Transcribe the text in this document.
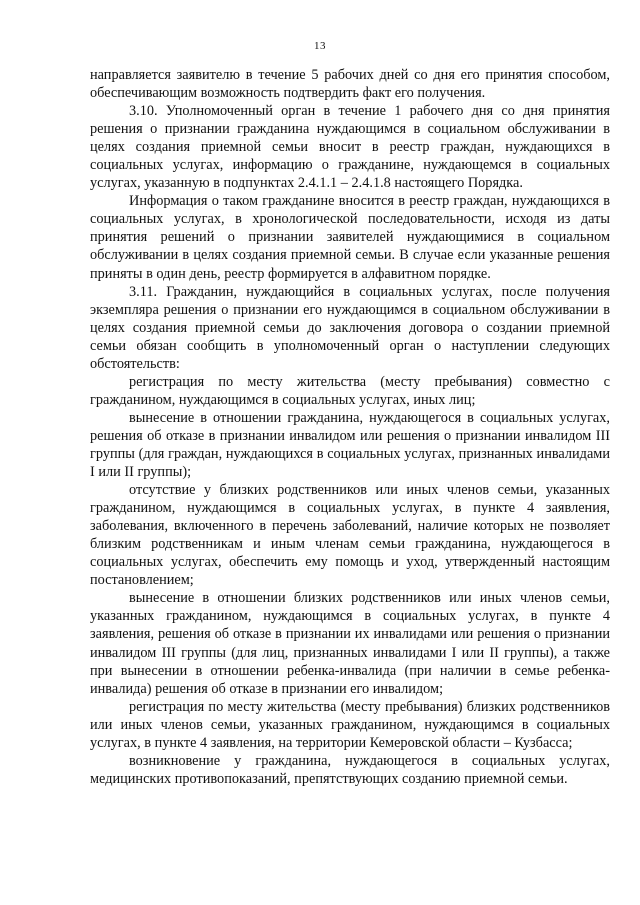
13

направляется заявителю в течение 5 рабочих дней со дня его принятия способом, обеспечивающим возможность подтвердить факт его получения.

3.10. Уполномоченный орган в течение 1 рабочего дня со дня принятия решения о признании гражданина нуждающимся в социальном обслуживании в целях создания приемной семьи вносит в реестр граждан, нуждающихся в социальных услугах, информацию о гражданине, нуждающемся в социальных услугах, указанную в подпунктах 2.4.1.1 – 2.4.1.8 настоящего Порядка.

Информация о таком гражданине вносится в реестр граждан, нуждающихся в социальных услугах, в хронологической последовательности, исходя из даты принятия решений о признании заявителей нуждающимися в социальном обслуживании в целях создания приемной семьи. В случае если указанные решения приняты в один день, реестр формируется в алфавитном порядке.

3.11. Гражданин, нуждающийся в социальных услугах, после получения экземпляра решения о признании его нуждающимся в социальном обслуживании в целях создания приемной семьи до заключения договора о создании приемной семьи обязан сообщить в уполномоченный орган о наступлении следующих обстоятельств:

регистрация по месту жительства (месту пребывания) совместно с гражданином, нуждающимся в социальных услугах, иных лиц;

вынесение в отношении гражданина, нуждающегося в социальных услугах, решения об отказе в признании инвалидом или решения о признании инвалидом III группы (для граждан, нуждающихся в социальных услугах, признанных инвалидами I или II группы);

отсутствие у близких родственников или иных членов семьи, указанных гражданином, нуждающимся в социальных услугах, в пункте 4 заявления, заболевания, включенного в перечень заболеваний, наличие которых не позволяет близким родственникам и иным членам семьи гражданина, нуждающегося в социальных услугах, обеспечить ему помощь и уход, утвержденный настоящим постановлением;

вынесение в отношении близких родственников или иных членов семьи, указанных гражданином, нуждающимся в социальных услугах, в пункте 4 заявления, решения об отказе в признании их инвалидами или решения о признании инвалидом III группы (для лиц, признанных инвалидами I или II группы), а также при вынесении в отношении ребенка-инвалида (при наличии в семье ребенка-инвалида) решения об отказе в признании его инвалидом;

регистрация по месту жительства (месту пребывания) близких родственников или иных членов семьи, указанных гражданином, нуждающимся в социальных услугах, в пункте 4 заявления, на территории Кемеровской области – Кузбасса;

возникновение у гражданина, нуждающегося в социальных услугах, медицинских противопоказаний, препятствующих созданию приемной семьи.
